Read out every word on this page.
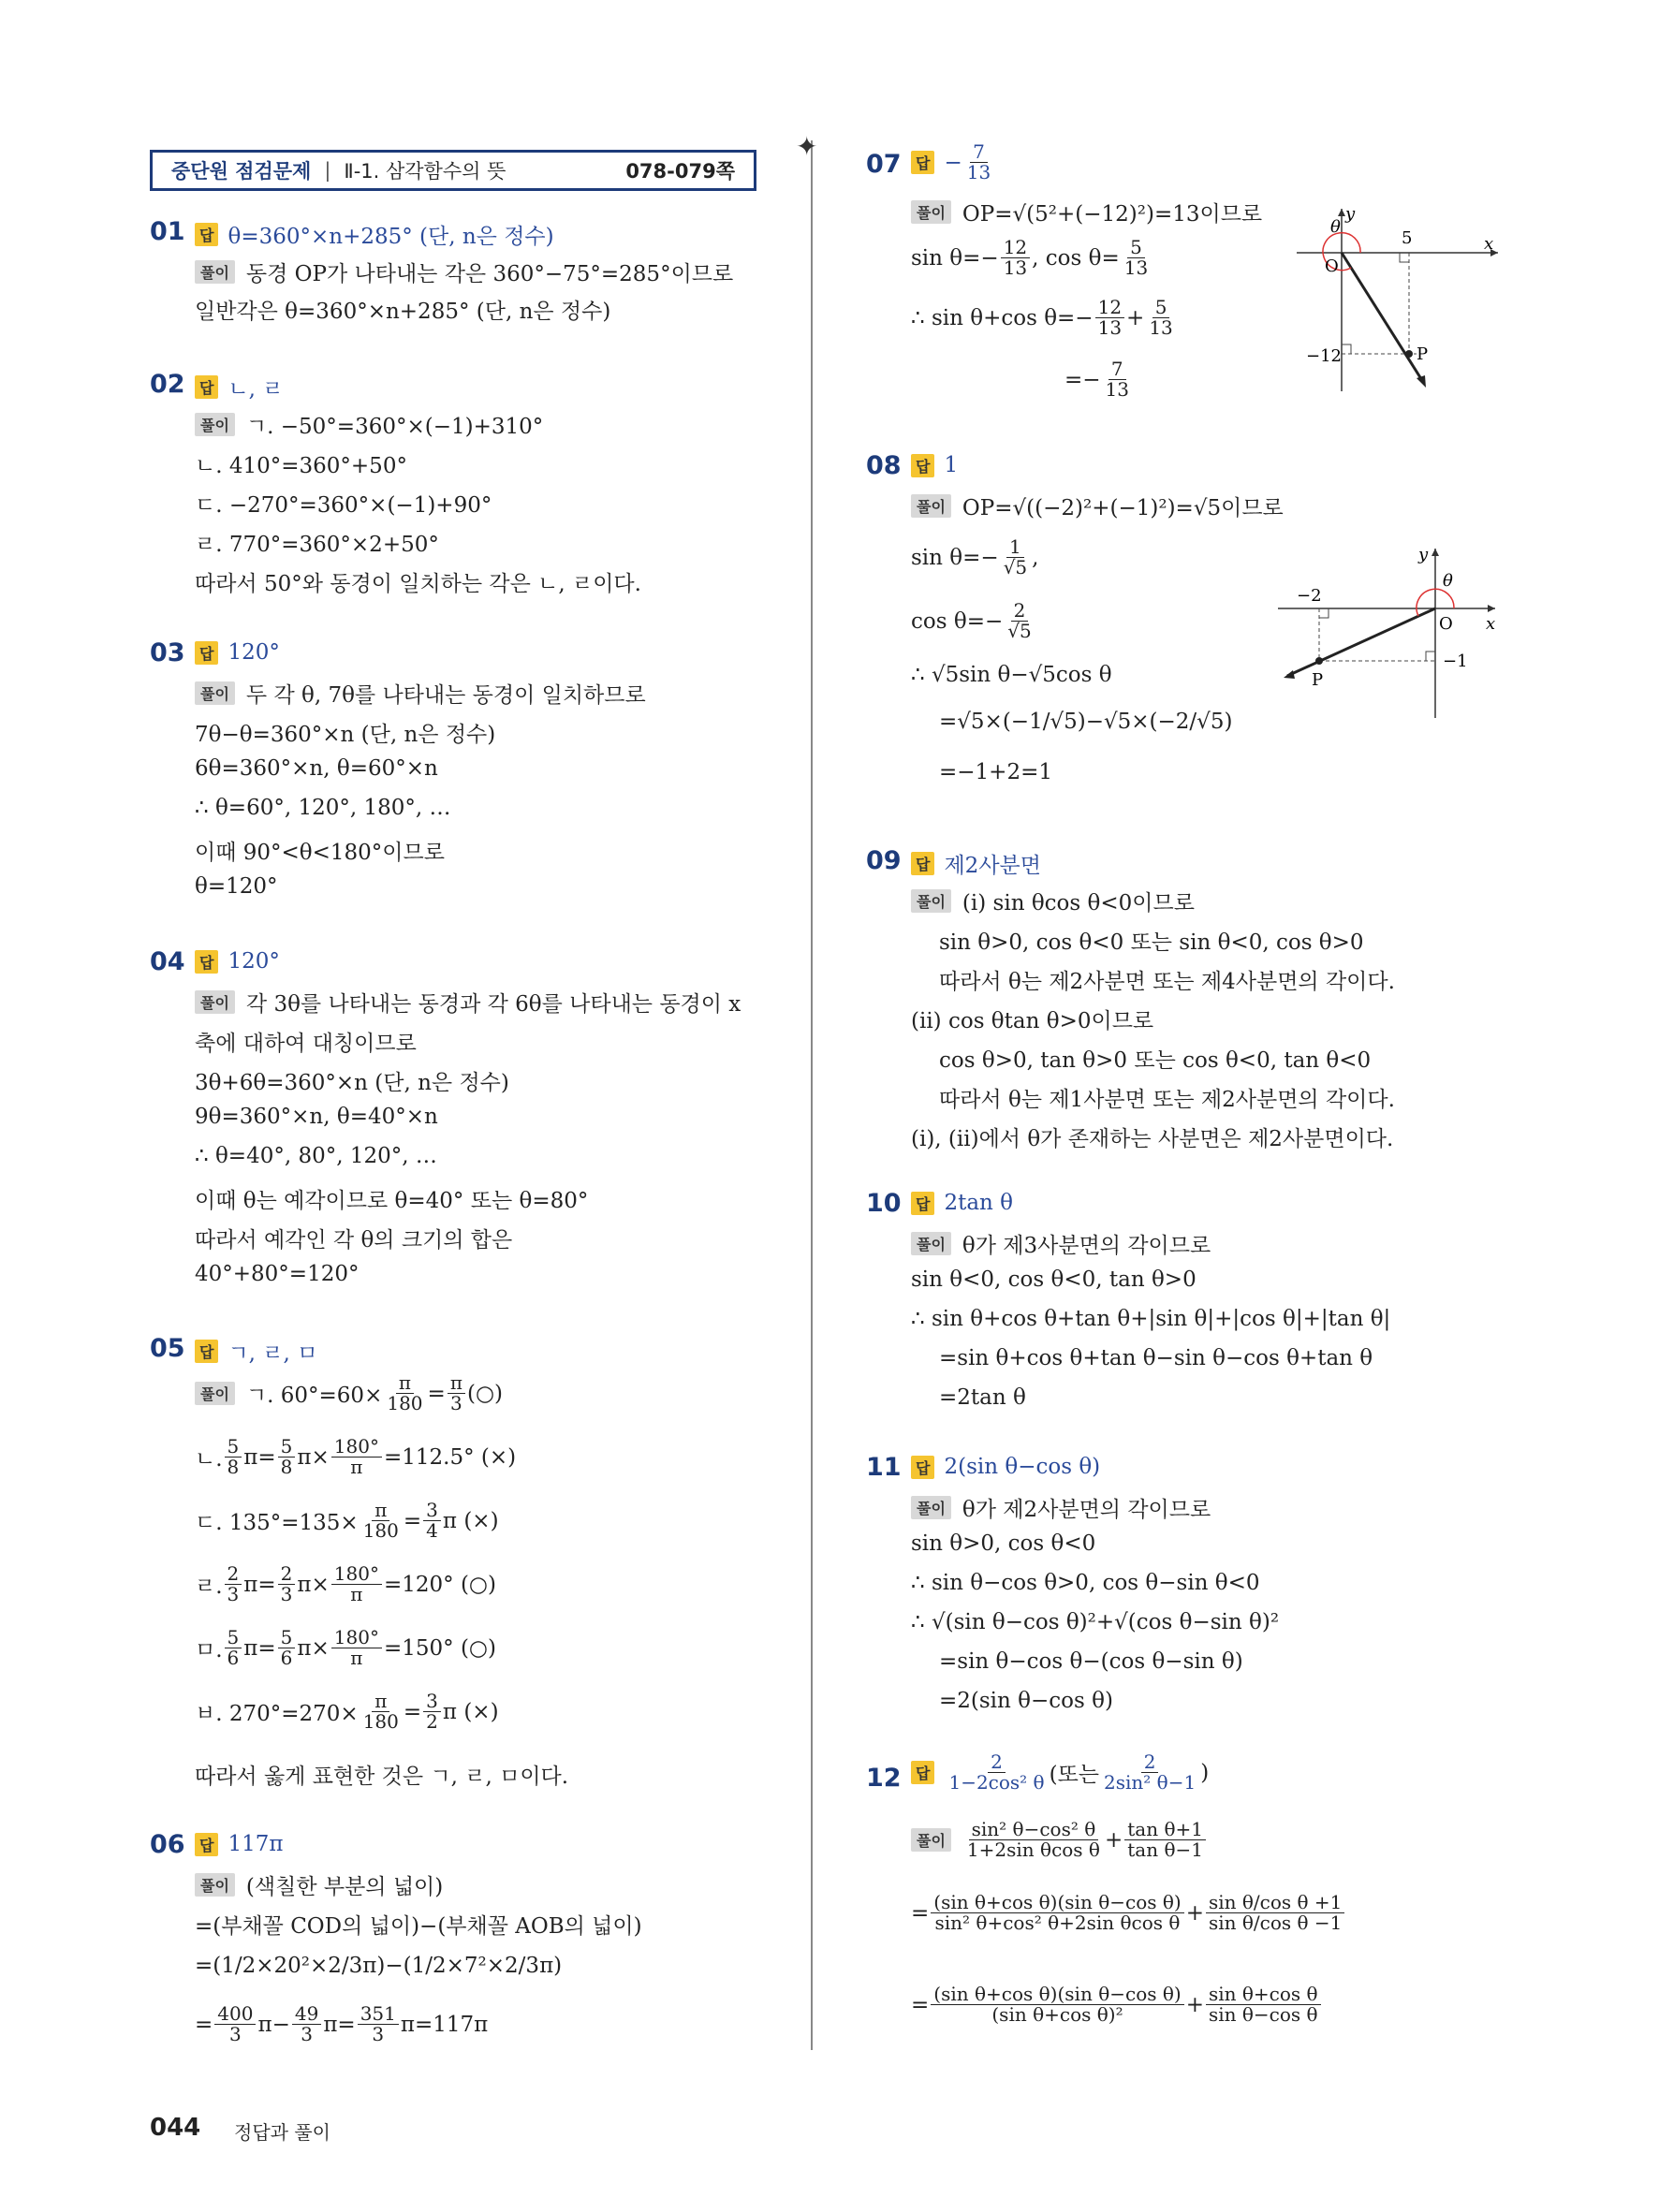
중단원 점검문제 | Ⅱ-1. 삼각함수의 뜻	078-079쪽
✦
01 답 θ=360°×n+285° (단, n은 정수)
풀이 동경 OP가 나타내는 각은 360°−75°=285°이므로
일반각은 θ=360°×n+285° (단, n은 정수)
02 답 ㄴ, ㄹ
풀이 ㄱ. −50°=360°×(−1)+310°
ㄴ. 410°=360°+50°
ㄷ. −270°=360°×(−1)+90°
ㄹ. 770°=360°×2+50°
따라서 50°와 동경이 일치하는 각은 ㄴ, ㄹ이다.
03 답 120°
풀이 두 각 θ, 7θ를 나타내는 동경이 일치하므로
7θ−θ=360°×n (단, n은 정수)
6θ=360°×n, θ=60°×n
∴ θ=60°, 120°, 180°, …
이때 90°<θ<180°이므로
θ=120°
04 답 120°
풀이 각 3θ를 나타내는 동경과 각 6θ를 나타내는 동경이 x
축에 대하여 대칭이므로
3θ+6θ=360°×n (단, n은 정수)
9θ=360°×n, θ=40°×n
∴ θ=40°, 80°, 120°, …
이때 θ는 예각이므로 θ=40° 또는 θ=80°
따라서 예각인 각 θ의 크기의 합은
40°+80°=120°
05 답 ㄱ, ㄹ, ㅁ
풀이 ㄱ. $60^\circ=60\times \frac{\pi}{180} = \frac{\pi}{3}$ (○)
ㄴ. $\frac{5}{8} \pi= \frac{5}{8} \pi\times \frac{180^\circ}{\pi} =112.5^\circ$ (×)
ㄷ. $135^\circ=135\times \frac{\pi}{180} = \frac{3}{4}$ π (×)
ㄹ. $\frac{2}{3} \pi= \frac{2}{3} \pi\times \frac{180^\circ}{\pi} =120^\circ$ (○)
ㅁ. $\frac{5}{6} \pi= \frac{5}{6} \pi\times \frac{180^\circ}{\pi} =150^\circ$ (○)
ㅂ. $270^\circ=270\times \frac{\pi}{180} = \frac{3}{2}$ π (×)
따라서 옳게 표현한 것은 ㄱ, ㄹ, ㅁ이다.
06 답 117π
풀이 (색칠한 부분의 넓이)
=(부채꼴 COD의 넓이)−(부채꼴 AOB의 넓이)
=(1/2×20²×2/3π)−(1/2×7²×2/3π)
= $\frac{400}{3} \pi- \frac{49}{3} \pi= \frac{351}{3} \pi=117\pi$
07 답 − $\frac{7}{13}$
풀이 OP=√(5²+(−12)²)=13이므로
$\sin \theta=- \frac{12}{13}$ , $\cos \theta= \frac{5}{13}$
∴ sin θ+cos $\theta=- \frac{12}{13} + \frac{5}{13}$
=− $\frac{7}{13}$
θ
y
x
O
5
−12	P
08 답 1
풀이 OP=√((−2)²+(−1)²)=√5이므로
$\sin \theta=- \frac{1}{√5}$ ,
$\cos \theta=- \frac{2}{√5}$
∴ √5sin θ−√5cos θ
=√5×(−1/√5)−√5×(−2/√5)
=−1+2=1
θ
y
x
O
−2
−1
P
09 답 제2사분면
풀이 (ⅰ) sin θcos θ<0이므로
sin θ>0, cos θ<0 또는 sin θ<0, cos θ>0
따라서 θ는 제2사분면 또는 제4사분면의 각이다.
(ⅱ) cos θtan θ>0이므로
cos θ>0, tan θ>0 또는 cos θ<0, tan θ<0
따라서 θ는 제1사분면 또는 제2사분면의 각이다.
(ⅰ), (ⅱ)에서 θ가 존재하는 사분면은 제2사분면이다.
10 답 2tan θ
풀이 θ가 제3사분면의 각이므로
sin θ<0, cos θ<0, tan θ>0
∴ sin θ+cos θ+tan θ+|sin θ|+|cos θ|+|tan θ|
=sin θ+cos θ+tan θ−sin θ−cos θ+tan θ
=2tan θ
11 답 2(sin θ−cos θ)
풀이 θ가 제2사분면의 각이므로
sin θ>0, cos θ<0
∴ sin θ−cos θ>0, cos θ−sin θ<0
∴ √(sin θ−cos θ)²+√(cos θ−sin θ)²
=sin θ−cos θ−(cos θ−sin θ)
=2(sin θ−cos θ)
12 답 $\frac{2}{\text{1−2cos² θ}}$ (또는 $\frac{2}{\text{2sin² θ−1}}$ )
풀이	$\frac{\text{sin² θ−cos² θ}}{\text{1+2sin θcos θ}} + \frac{\text{tan θ+1}}{\text{tan θ−1}}$
= $\frac{\text{(sin θ+cos θ)(sin θ−cos θ)}}{\text{sin² θ+cos² θ+2sin θcos θ}} + \frac{\text{sin θ/cos θ +1}}{\text{sin θ/cos θ −1}}$
= $\frac{\text{(sin θ+cos θ)(sin θ−cos θ)}}{\text{(sin θ+cos θ)²}} + \frac{\text{sin θ+cos θ}}{\text{sin θ−cos θ}}$
044 정답과 풀이
